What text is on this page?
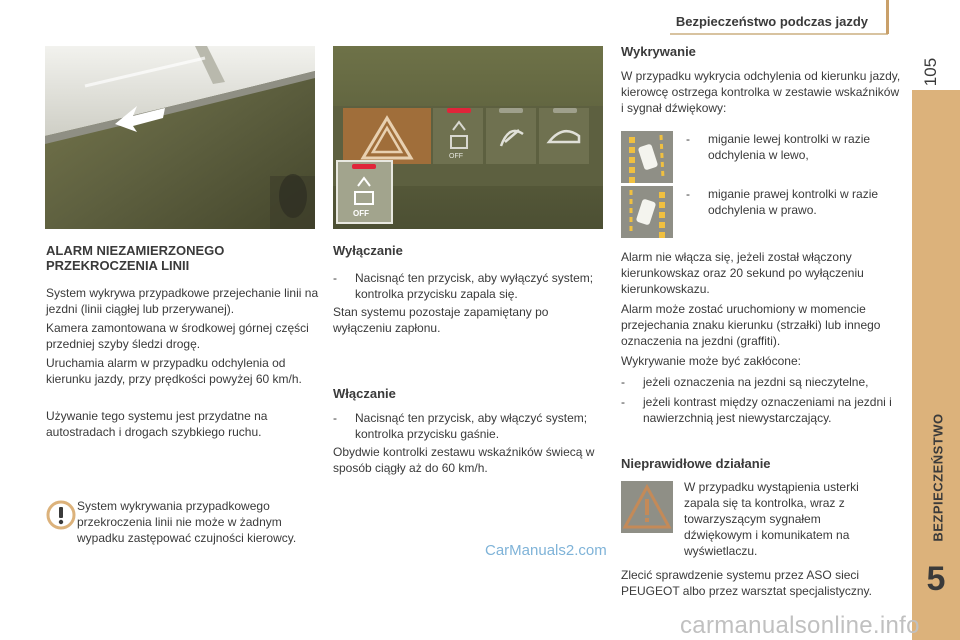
Bezpieczeństwo podczas jazdy
105
BEZPIECZEŃSTWO
5
OFF
OFF
ALARM NIEZAMIERZONEGO PRZEKROCZENIA LINII

System wykrywa przypadkowe przejechanie linii na jezdni (linii ciągłej lub przerywanej).

Kamera zamontowana w środkowej górnej części przedniej szyby śledzi drogę.

Uruchamia alarm w przypadku odchylenia od kierunku jazdy, przy prędkości powyżej 60 km/h.

Używanie tego systemu jest przydatne na autostradach i drogach szybkiego ruchu.

System wykrywania przypadkowego przekroczenia linii nie może w żadnym wypadku zastępować czujności kierowcy.

Wyłączanie
- Nacisnąć ten przycisk, aby wyłączyć system; kontrolka przycisku zapala się.

Stan systemu pozostaje zapamiętany po wyłączeniu zapłonu.

Włączanie
- Nacisnąć ten przycisk, aby włączyć system; kontrolka przycisku gaśnie.

Obydwie kontrolki zestawu wskaźników świecą w sposób ciągły aż do 60 km/h.

Wykrywanie

W przypadku wykrycia odchylenia od kierunku jazdy, kierowcę ostrzega kontrolka w zestawie wskaźników i sygnał dźwiękowy:

- miganie lewej kontrolki w razie odchylenia w lewo,
- miganie prawej kontrolki w razie odchylenia w prawo.

Alarm nie włącza się, jeżeli został włączony kierunkowskaz oraz 20 sekund po wyłączeniu kierunkowskazu.

Alarm może zostać uruchomiony w momencie przejechania znaku kierunku (strzałki) lub innego oznaczenia na jezdni (graffiti).

Wykrywanie może być zakłócone:

- jeżeli oznaczenia na jezdni są nieczytelne,
- jeżeli kontrast między oznaczeniami na jezdni i nawierzchnią jest niewystarczający.
Nieprawidłowe działanie

W przypadku wystąpienia usterki zapala się ta kontrolka, wraz z towarzyszącym sygnałem dźwiękowym i komunikatem na wyświetlaczu.

Zlecić sprawdzenie systemu przez ASO sieci PEUGEOT albo przez warsztat specjalistyczny.

CarManuals2.com
carmanualsonline.info
